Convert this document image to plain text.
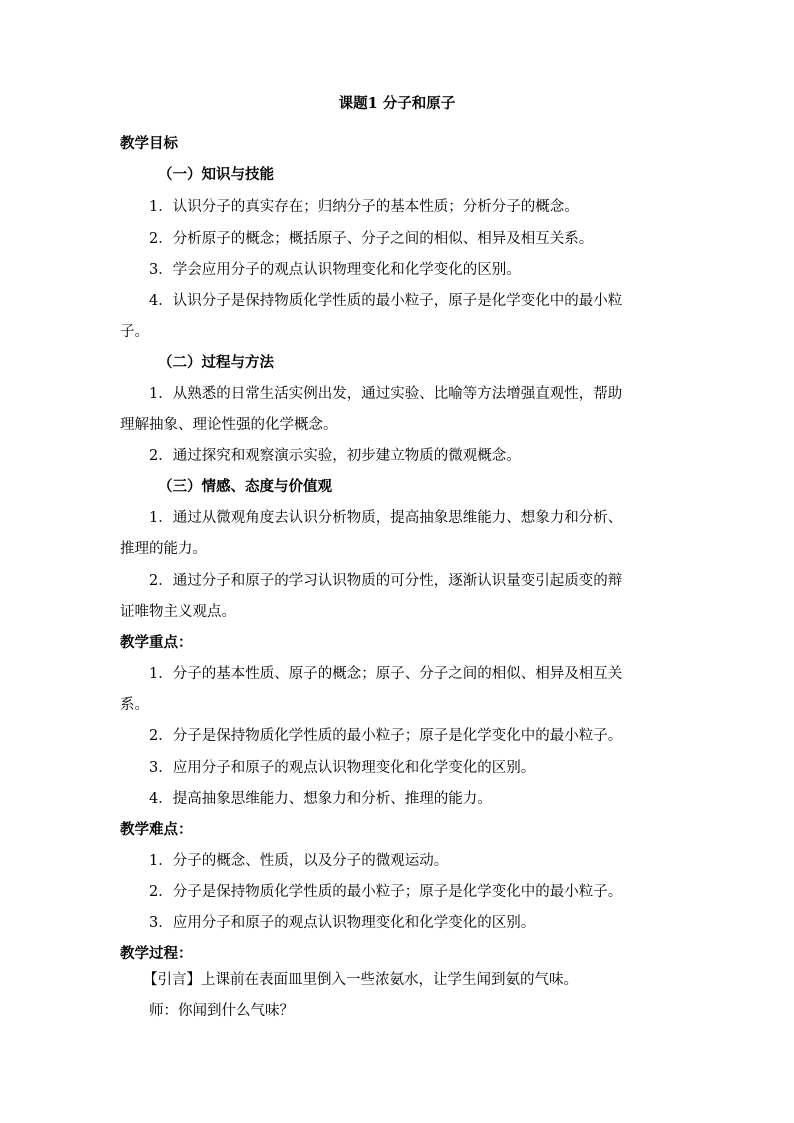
课题1 分子和原子
教学目标
（一）知识与技能
1．认识分子的真实存在；归纳分子的基本性质；分析分子的概念。
2．分析原子的概念；概括原子、分子之间的相似、相异及相互关系。
3．学会应用分子的观点认识物理变化和化学变化的区别。
4．认识分子是保持物质化学性质的最小粒子，原子是化学变化中的最小粒
子。
（二）过程与方法
1．从熟悉的日常生活实例出发，通过实验、比喻等方法增强直观性，帮助
理解抽象、理论性强的化学概念。
2．通过探究和观察演示实验，初步建立物质的微观概念。
（三）情感、态度与价值观
1．通过从微观角度去认识分析物质，提高抽象思维能力、想象力和分析、
推理的能力。
2．通过分子和原子的学习认识物质的可分性，逐渐认识量变引起质变的辩
证唯物主义观点。
教学重点：
1．分子的基本性质、原子的概念；原子、分子之间的相似、相异及相互关
系。
2．分子是保持物质化学性质的最小粒子；原子是化学变化中的最小粒子。
3．应用分子和原子的观点认识物理变化和化学变化的区别。
4．提高抽象思维能力、想象力和分析、推理的能力。
教学难点：
1．分子的概念、性质，以及分子的微观运动。
2．分子是保持物质化学性质的最小粒子；原子是化学变化中的最小粒子。
3．应用分子和原子的观点认识物理变化和化学变化的区别。
教学过程：
【引言】上课前在表面皿里倒入一些浓氨水，让学生闻到氨的气味。
师：你闻到什么气味？
